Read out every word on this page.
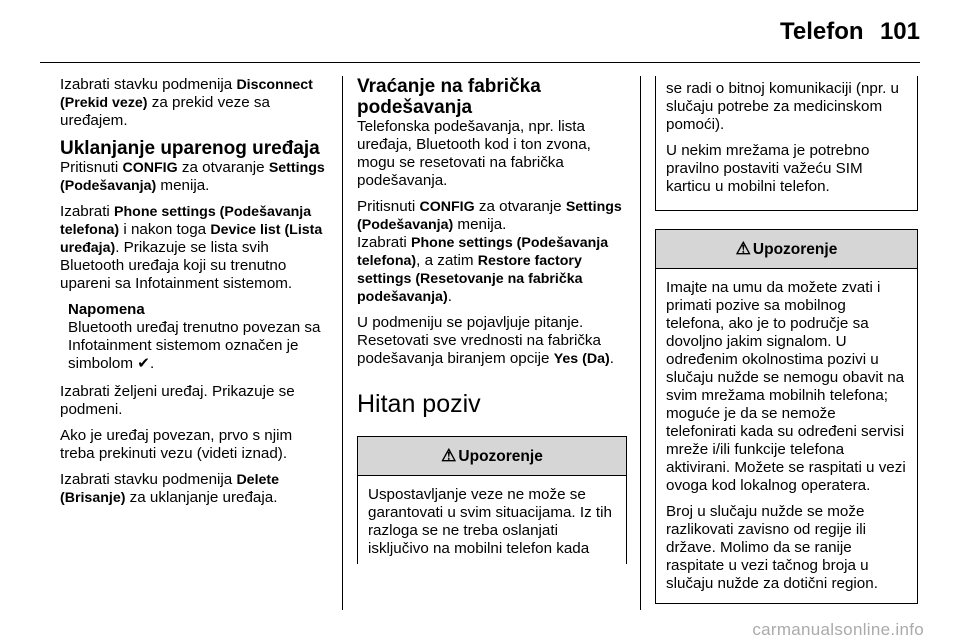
Telefon 101

Izabrati stavku podmenija Disconnect (Prekid veze) za prekid veze sa uređajem.

Uklanjanje uparenog uređaja

Pritisnuti CONFIG za otvaranje Settings (Podešavanja) menija.

Izabrati Phone settings (Podešavanja telefona) i nakon toga Device list (Lista uređaja). Prikazuje se lista svih Bluetooth uređaja koji su trenutno upareni sa Infotainment sistemom.

Napomena
Bluetooth uređaj trenutno povezan sa Infotainment sistemom označen je simbolom ✔.

Izabrati željeni uređaj. Prikazuje se podmeni.

Ako je uređaj povezan, prvo s njim treba prekinuti vezu (videti iznad).

Izabrati stavku podmenija Delete (Brisanje) za uklanjanje uređaja.

Vraćanje na fabrička podešavanja

Telefonska podešavanja, npr. lista uređaja, Bluetooth kod i ton zvona, mogu se resetovati na fabrička podešavanja.

Pritisnuti CONFIG za otvaranje Settings (Podešavanja) menija.
Izabrati Phone settings (Podešavanja telefona), a zatim Restore factory settings (Resetovanje na fabrička podešavanja).

U podmeniju se pojavljuje pitanje. Resetovati sve vrednosti na fabrička podešavanja biranjem opcije Yes (Da).

Hitan poziv
⚠ Upozorenje

Uspostavljanje veze ne može se garantovati u svim situacijama. Iz tih razloga se ne treba oslanjati isključivo na mobilni telefon kada

se radi o bitnoj komunikaciji (npr. u slučaju potrebe za medicinskom pomoći).

U nekim mrežama je potrebno pravilno postaviti važeću SIM karticu u mobilni telefon.

⚠ Upozorenje

Imajte na umu da možete zvati i primati pozive sa mobilnog telefona, ako je to područje sa dovoljno jakim signalom. U određenim okolnostima pozivi u slučaju nužde se nemogu obavit na svim mrežama mobilnih telefona; moguće je da se nemože telefonirati kada su određeni servisi mreže i/ili funkcije telefona aktivirani. Možete se raspitati u vezi ovoga kod lokalnog operatera.

Broj u slučaju nužde se može razlikovati zavisno od regije ili države. Molimo da se ranije raspitate u vezi tačnog broja u slučaju nužde za dotični region.

carmanualsonline.info
